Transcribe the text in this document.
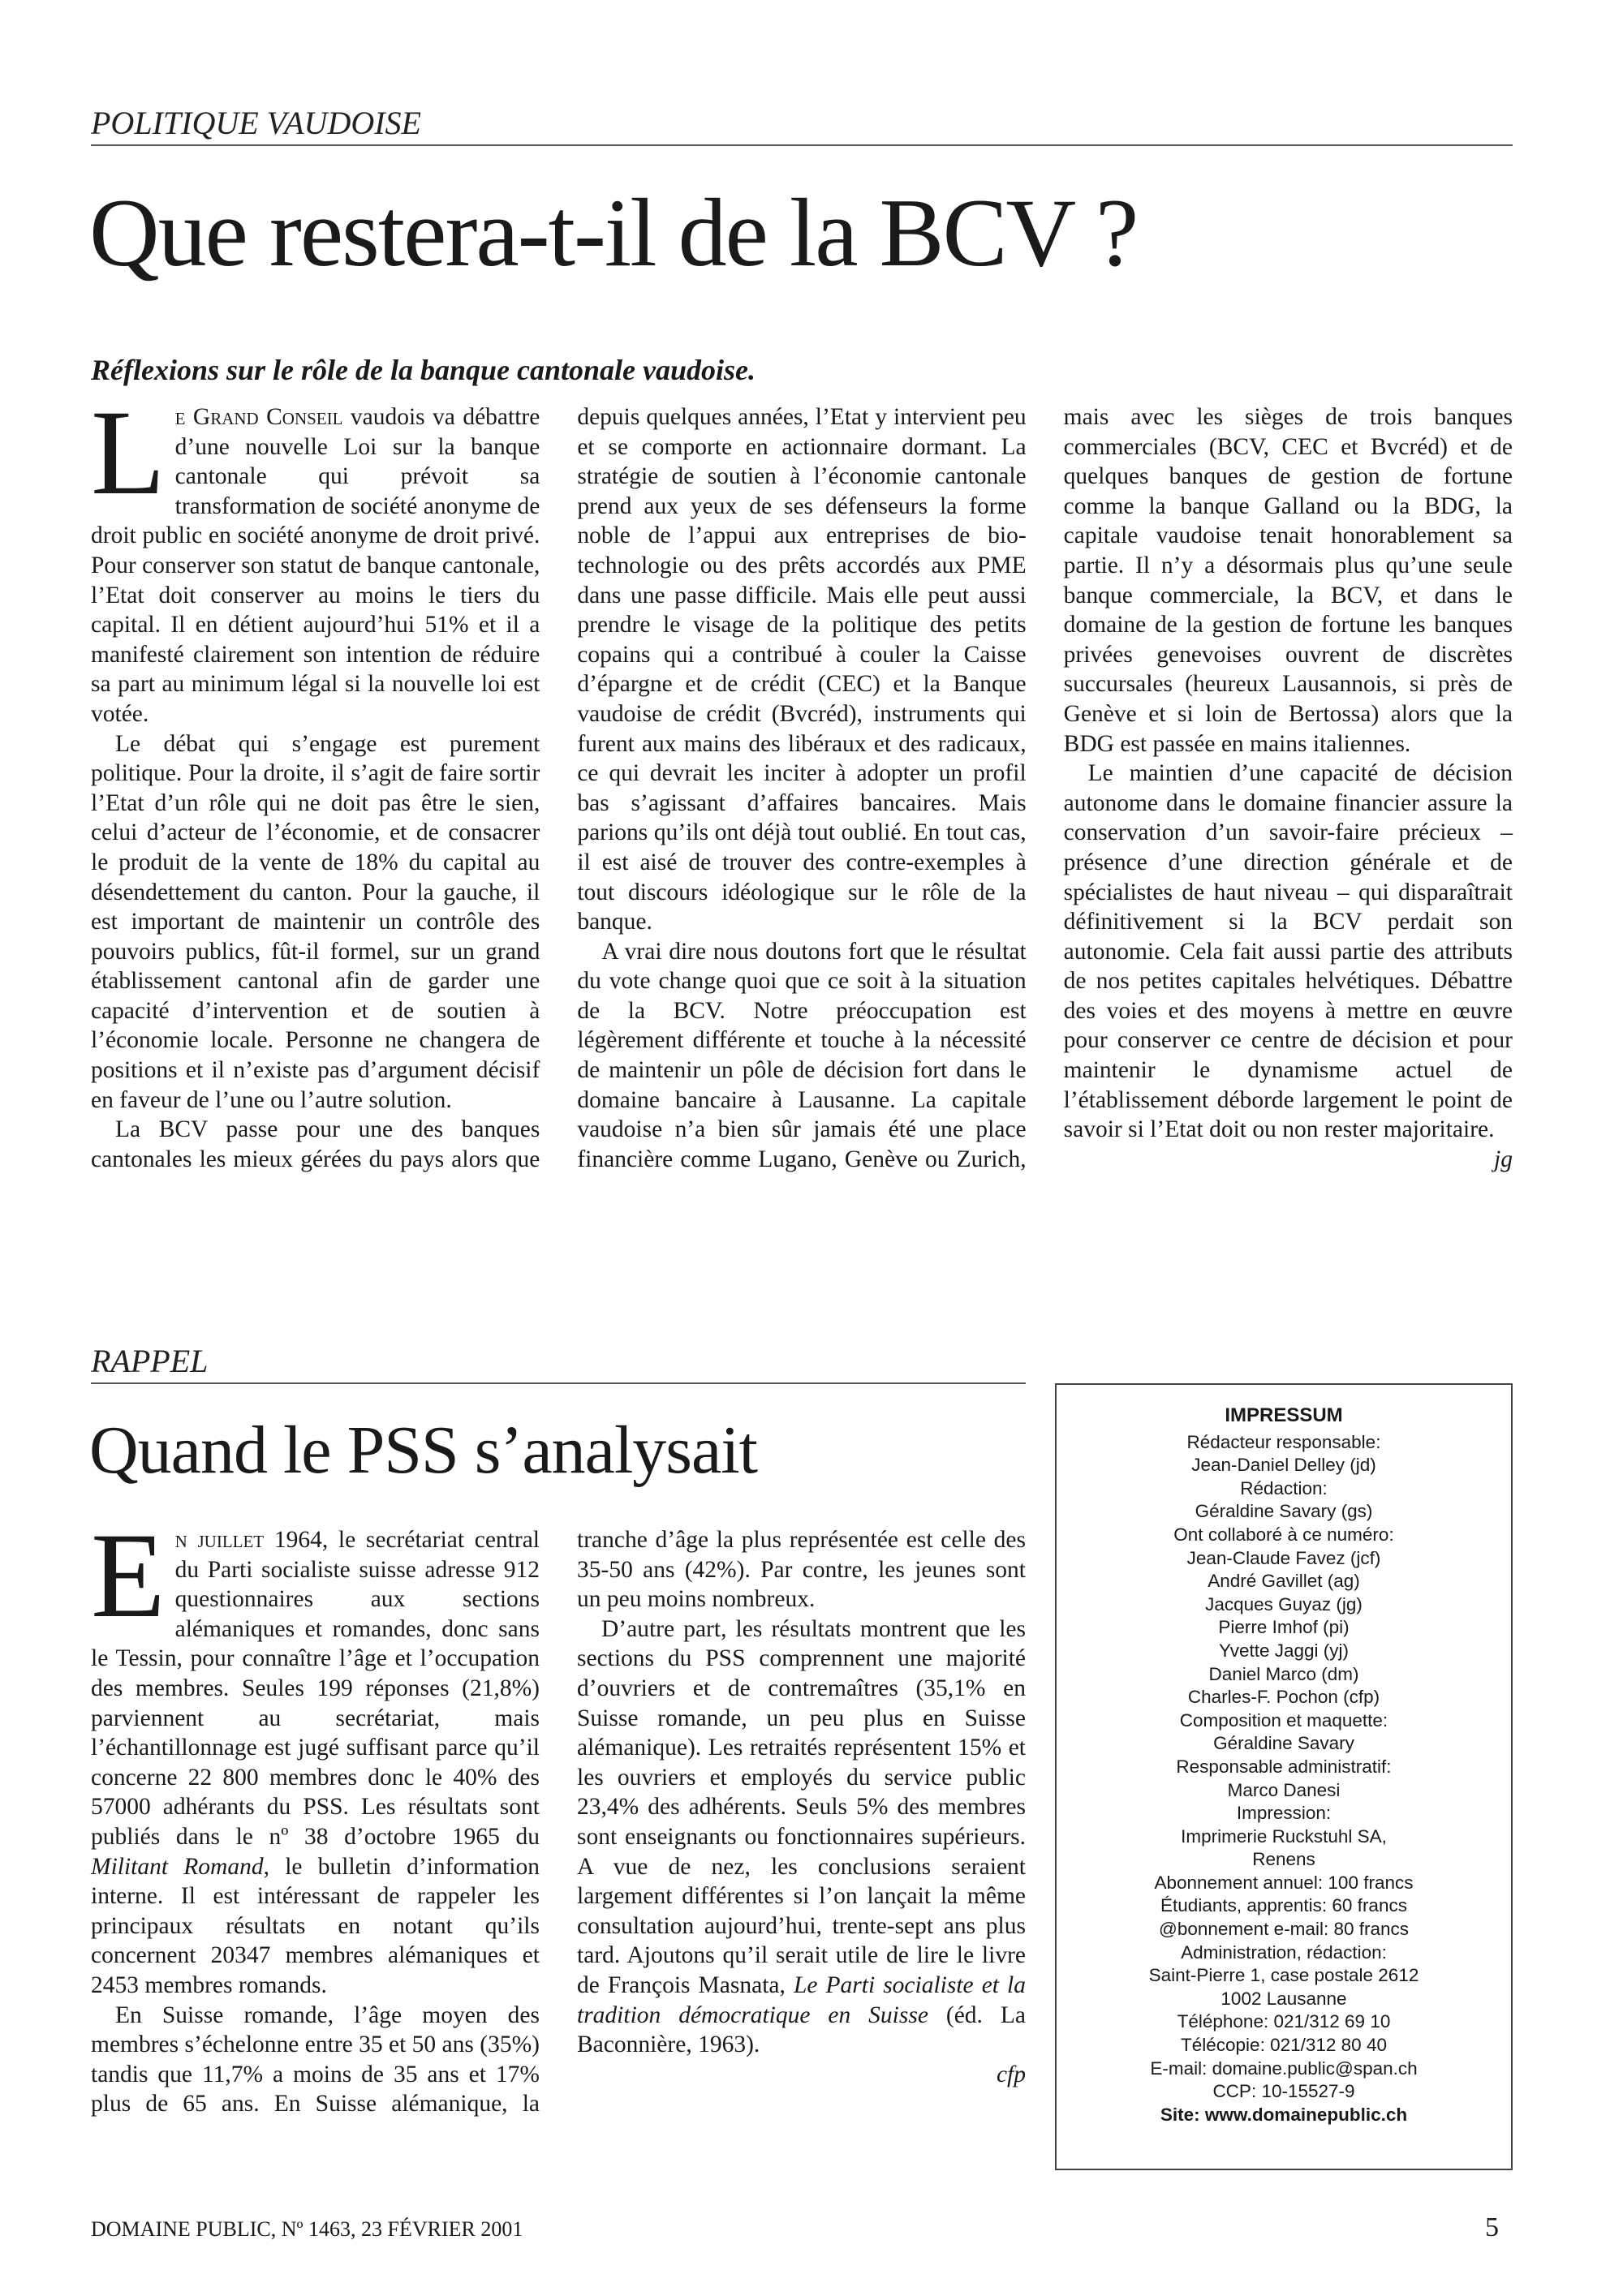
POLITIQUE VAUDOISE
Que restera-t-il de la BCV ?
Réflexions sur le rôle de la banque cantonale vaudoise.

Le Grand Conseil vaudois va débattre d’une nouvelle Loi sur la banque cantonale qui prévoit sa transformation de société anonyme de droit public en société anonyme de droit privé. Pour conserver son statut de banque cantonale, l’Etat doit conserver au moins le tiers du capital. Il en détient aujourd’hui 51% et il a manifesté clairement son intention de réduire sa part au minimum légal si la nouvelle loi est votée.

Le débat qui s’engage est purement politique. Pour la droite, il s’agit de faire sortir l’Etat d’un rôle qui ne doit pas être le sien, celui d’acteur de l’économie, et de consacrer le produit de la vente de 18% du capital au désendettement du canton. Pour la gauche, il est important de maintenir un contrôle des pouvoirs publics, fût-il formel, sur un grand établissement cantonal afin de garder une capacité d’intervention et de soutien à l’économie locale. Personne ne changera de positions et il n’existe pas d’argument décisif en faveur de l’une ou l’autre solution.

La BCV passe pour une des banques cantonales les mieux gérées du pays alors que depuis quelques années, l’Etat y intervient peu et se comporte en actionnaire dormant. La stratégie de soutien à l’économie cantonale prend aux yeux de ses défenseurs la forme noble de l’appui aux entreprises de bio-technologie ou des prêts accordés aux PME dans une passe difficile. Mais elle peut aussi prendre le visage de la politique des petits copains qui a contribué à couler la Caisse d’épargne et de crédit (CEC) et la Banque vaudoise de crédit (Bvcréd), instruments qui furent aux mains des libéraux et des radicaux, ce qui devrait les inciter à adopter un profil bas s’agissant d’affaires bancaires. Mais parions qu’ils ont déjà tout oublié. En tout cas, il est aisé de trouver des contre-exemples à tout discours idéologique sur le rôle de la banque.

A vrai dire nous doutons fort que le résultat du vote change quoi que ce soit à la situation de la BCV. Notre préoccupation est légèrement différente et touche à la nécessité de maintenir un pôle de décision fort dans le domaine bancaire à Lausanne. La capitale vaudoise n’a bien sûr jamais été une place financière comme Lugano, Genève ou Zurich, mais avec les sièges de trois banques commerciales (BCV, CEC et Bvcréd) et de quelques banques de gestion de fortune comme la banque Galland ou la BDG, la capitale vaudoise tenait honorablement sa partie. Il n’y a désormais plus qu’une seule banque commerciale, la BCV, et dans le domaine de la gestion de fortune les banques privées genevoises ouvrent de discrètes succursales (heureux Lausannois, si près de Genève et si loin de Bertossa) alors que la BDG est passée en mains italiennes.

Le maintien d’une capacité de décision autonome dans le domaine financier assure la conservation d’un savoir-faire précieux – présence d’une direction générale et de spécialistes de haut niveau – qui disparaîtrait définitivement si la BCV perdait son autonomie. Cela fait aussi partie des attributs de nos petites capitales helvétiques. Débattre des voies et des moyens à mettre en œuvre pour conserver ce centre de décision et pour maintenir le dynamisme actuel de l’établissement déborde largement le point de savoir si l’Etat doit ou non rester majoritaire.

jg
RAPPEL
Quand le PSS s’analysait

En juillet 1964, le secrétariat central du Parti socialiste suisse adresse 912 questionnaires aux sections alémaniques et romandes, donc sans le Tessin, pour connaître l’âge et l’occupation des membres. Seules 199 réponses (21,8%) parviennent au secrétariat, mais l’échantillonnage est jugé suffisant parce qu’il concerne 22 800 membres donc le 40% des 57000 adhérants du PSS. Les résultats sont publiés dans le nº 38 d’octobre 1965 du Militant Romand, le bulletin d’information interne. Il est intéressant de rappeler les principaux résultats en notant qu’ils concernent 20347 membres alémaniques et 2453 membres romands.

En Suisse romande, l’âge moyen des membres s’échelonne entre 35 et 50 ans (35%) tandis que 11,7% a moins de 35 ans et 17% plus de 65 ans. En Suisse alémanique, la tranche d’âge la plus représentée est celle des 35-50 ans (42%). Par contre, les jeunes sont un peu moins nombreux.

D’autre part, les résultats montrent que les sections du PSS comprennent une majorité d’ouvriers et de contremaîtres (35,1% en Suisse romande, un peu plus en Suisse alémanique). Les retraités représentent 15% et les ouvriers et employés du service public 23,4% des adhérents. Seuls 5% des membres sont enseignants ou fonctionnaires supérieurs. A vue de nez, les conclusions seraient largement différentes si l’on lançait la même consultation aujourd’hui, trente-sept ans plus tard. Ajoutons qu’il serait utile de lire le livre de François Masnata, Le Parti socialiste et la tradition démocratique en Suisse (éd. La Baconnière, 1963).

cfp
IMPRESSUM
Rédacteur responsable:
Jean-Daniel Delley (jd)
Rédaction:
Géraldine Savary (gs)
Ont collaboré à ce numéro:
Jean-Claude Favez (jcf)
André Gavillet (ag)
Jacques Guyaz (jg)
Pierre Imhof (pi)
Yvette Jaggi (yj)
Daniel Marco (dm)
Charles-F. Pochon (cfp)
Composition et maquette:
Géraldine Savary
Responsable administratif:
Marco Danesi
Impression:
Imprimerie Ruckstuhl SA,
Renens
Abonnement annuel: 100 francs
Étudiants, apprentis: 60 francs
@bonnement e-mail: 80 francs
Administration, rédaction:
Saint-Pierre 1, case postale 2612
1002 Lausanne
Téléphone: 021/312 69 10
Télécopie: 021/312 80 40
E-mail: domaine.public@span.ch
CCP: 10-15527-9
Site: www.domainepublic.ch
DOMAINE PUBLIC, Nº 1463, 23 FÉVRIER 2001	5
